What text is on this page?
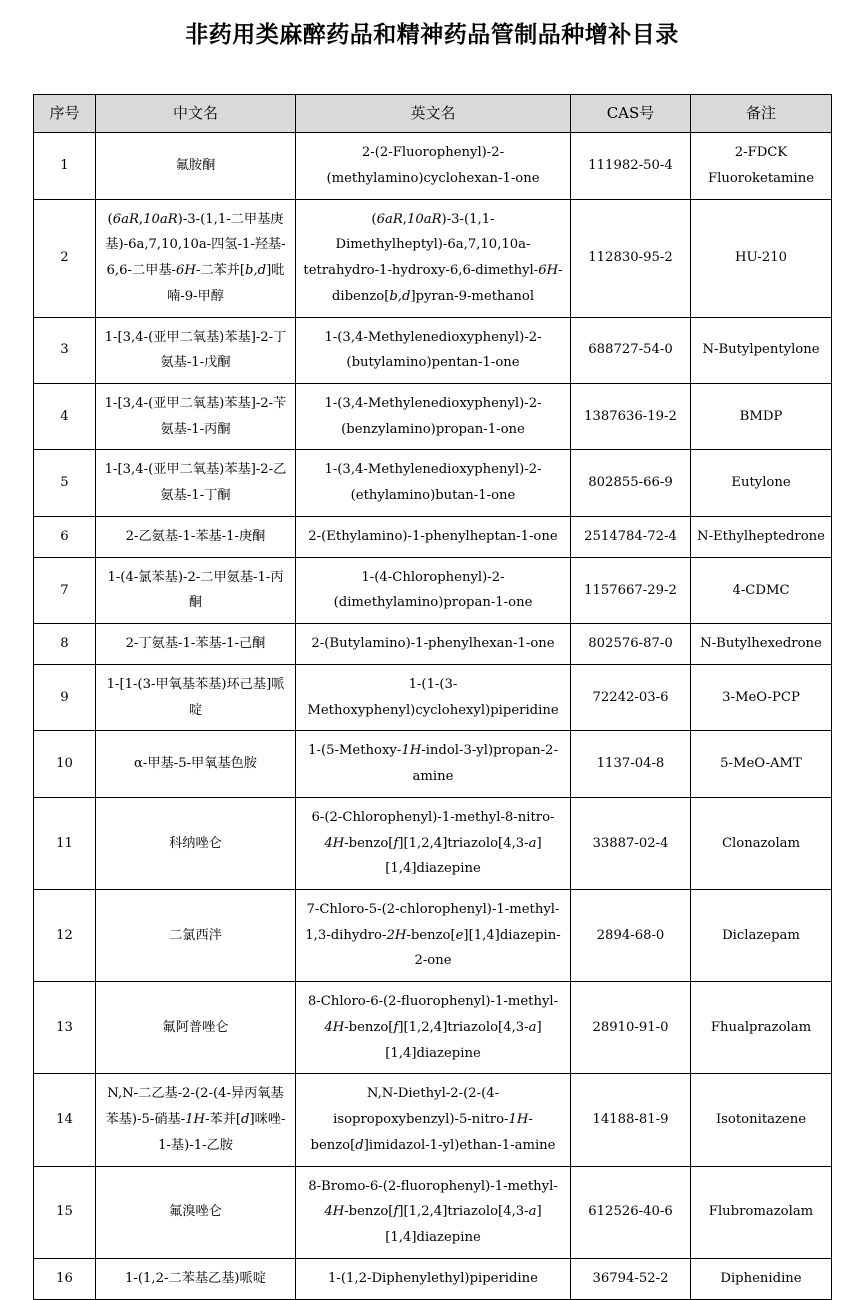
非药用类麻醉药品和精神药品管制品种增补目录
序号	中文名	英文名	CAS号	备注
1	氟胺酮	2-(2-Fluorophenyl)-2-(methylamino)cyclohexan-1-one	111982-50-4	2-FDCK Fluoroketamine
2	(6aR,10aR)-3-(1,1-二甲基庚基)-6a,7,10,10a-四氢-1-羟基-6,6-二甲基-6H-二苯并[b,d]吡喃-9-甲醇	(6aR,10aR)-3-(1,1-Dimethylheptyl)-6a,7,10,10a-tetrahydro-1-hydroxy-6,6-dimethyl-6H-dibenzo[b,d]pyran-9-methanol	112830-95-2	HU-210
3	1-[3,4-(亚甲二氧基)苯基]-2-丁氨基-1-戊酮	1-(3,4-Methylenedioxyphenyl)-2-(butylamino)pentan-1-one	688727-54-0	N-Butylpentylone
4	1-[3,4-(亚甲二氧基)苯基]-2-苄氨基-1-丙酮	1-(3,4-Methylenedioxyphenyl)-2-(benzylamino)propan-1-one	1387636-19-2	BMDP
5	1-[3,4-(亚甲二氧基)苯基]-2-乙氨基-1-丁酮	1-(3,4-Methylenedioxyphenyl)-2-(ethylamino)butan-1-one	802855-66-9	Eutylone
6	2-乙氨基-1-苯基-1-庚酮	2-(Ethylamino)-1-phenylheptan-1-one	2514784-72-4	N-Ethylheptedrone
7	1-(4-氯苯基)-2-二甲氨基-1-丙酮	1-(4-Chlorophenyl)-2-(dimethylamino)propan-1-one	1157667-29-2	4-CDMC
8	2-丁氨基-1-苯基-1-己酮	2-(Butylamino)-1-phenylhexan-1-one	802576-87-0	N-Butylhexedrone
9	1-[1-(3-甲氧基苯基)环己基]哌啶	1-(1-(3-Methoxyphenyl)cyclohexyl)piperidine	72242-03-6	3-MeO-PCP
10	α-甲基-5-甲氧基色胺	1-(5-Methoxy-1H-indol-3-yl)propan-2-amine	1137-04-8	5-MeO-AMT
11	科纳唑仑	6-(2-Chlorophenyl)-1-methyl-8-nitro-4H-benzo[f][1,2,4]triazolo[4,3-a][1,4]diazepine	33887-02-4	Clonazolam
12	二氯西泮	7-Chloro-5-(2-chlorophenyl)-1-methyl-1,3-dihydro-2H-benzo[e][1,4]diazepin-2-one	2894-68-0	Diclazepam
13	氟阿普唑仑	8-Chloro-6-(2-fluorophenyl)-1-methyl-4H-benzo[f][1,2,4]triazolo[4,3-a][1,4]diazepine	28910-91-0	Fhualprazolam
14	N,N-二乙基-2-(2-(4-异丙氧基苯基)-5-硝基-1H-苯并[d]咪唑-1-基)-1-乙胺	N,N-Diethyl-2-(2-(4-isopropoxybenzyl)-5-nitro-1H-benzo[d]imidazol-1-yl)ethan-1-amine	14188-81-9	Isotonitazene
15	氟溴唑仑	8-Bromo-6-(2-fluorophenyl)-1-methyl-4H-benzo[f][1,2,4]triazolo[4,3-a][1,4]diazepine	612526-40-6	Flubromazolam
16	1-(1,2-二苯基乙基)哌啶	1-(1,2-Diphenylethyl)piperidine	36794-52-2	Diphenidine
